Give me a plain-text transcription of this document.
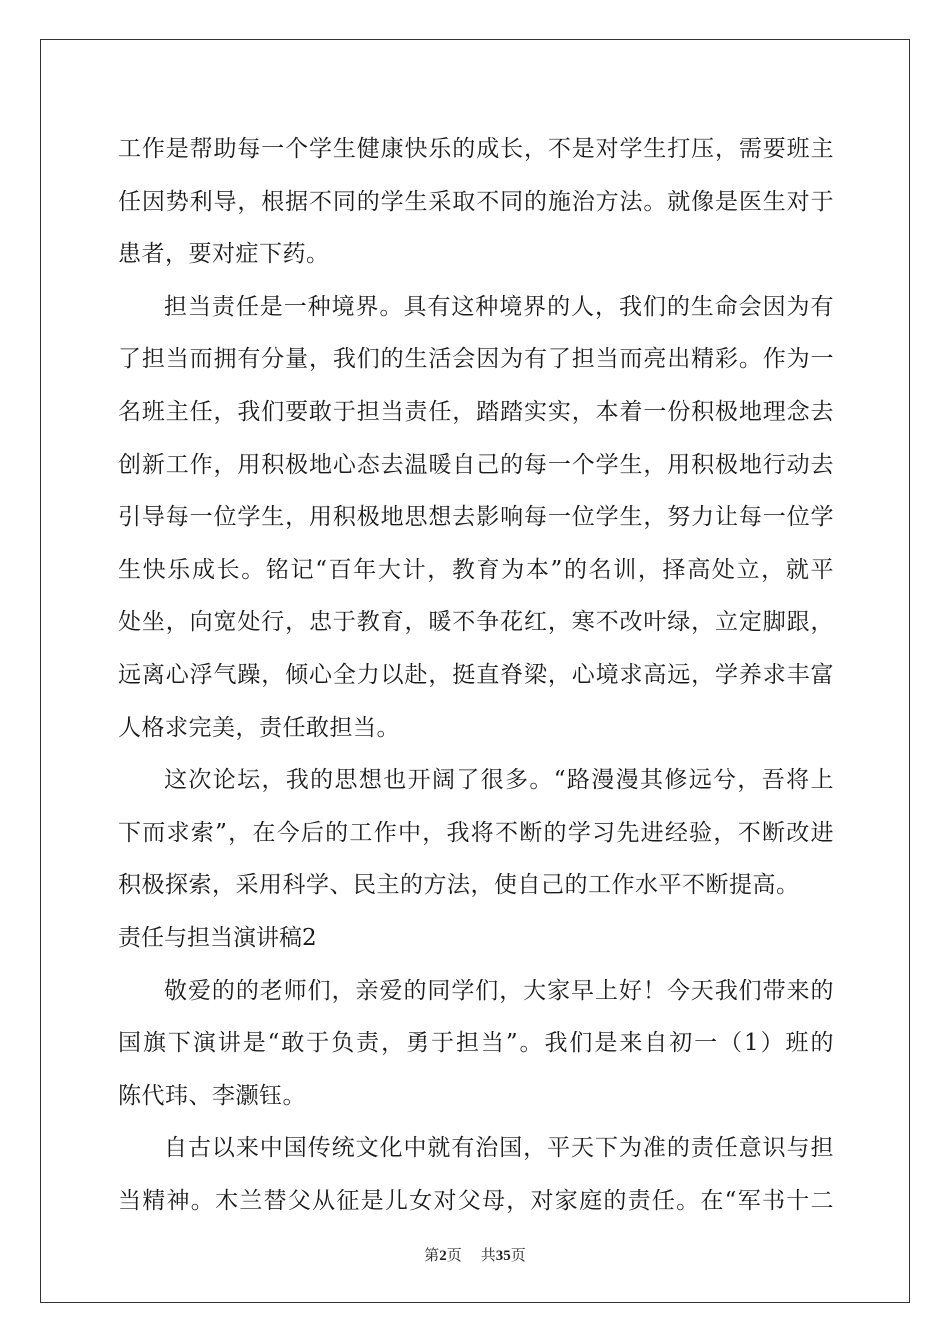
工作是帮助每一个学生健康快乐的成长，不是对学生打压，需要班主
任因势利导，根据不同的学生采取不同的施治方法。就像是医生对于
患者，要对症下药。
担当责任是一种境界。具有这种境界的人，我们的生命会因为有
了担当而拥有分量，我们的生活会因为有了担当而亮出精彩。作为一
名班主任，我们要敢于担当责任，踏踏实实，本着一份积极地理念去
创新工作，用积极地心态去温暖自己的每一个学生，用积极地行动去
引导每一位学生，用积极地思想去影响每一位学生，努力让每一位学
生快乐成长。铭记“百年大计，教育为本”的名训，择高处立，就平
处坐，向宽处行，忠于教育，暖不争花红，寒不改叶绿，立定脚跟，
远离心浮气躁，倾心全力以赴，挺直脊梁，心境求高远，学养求丰富
人格求完美，责任敢担当。
这次论坛，我的思想也开阔了很多。“路漫漫其修远兮，吾将上
下而求索”，在今后的工作中，我将不断的学习先进经验，不断改进
积极探索，采用科学、民主的方法，使自己的工作水平不断提高。
责任与担当演讲稿2
敬爱的的老师们，亲爱的同学们，大家早上好！今天我们带来的
国旗下演讲是“敢于负责，勇于担当”。我们是来自初一（1）班的
陈代玮、李灏钰。
自古以来中国传统文化中就有治国，平天下为准的责任意识与担
当精神。木兰替父从征是儿女对父母，对家庭的责任。在“军书十二
第2页 共35页
